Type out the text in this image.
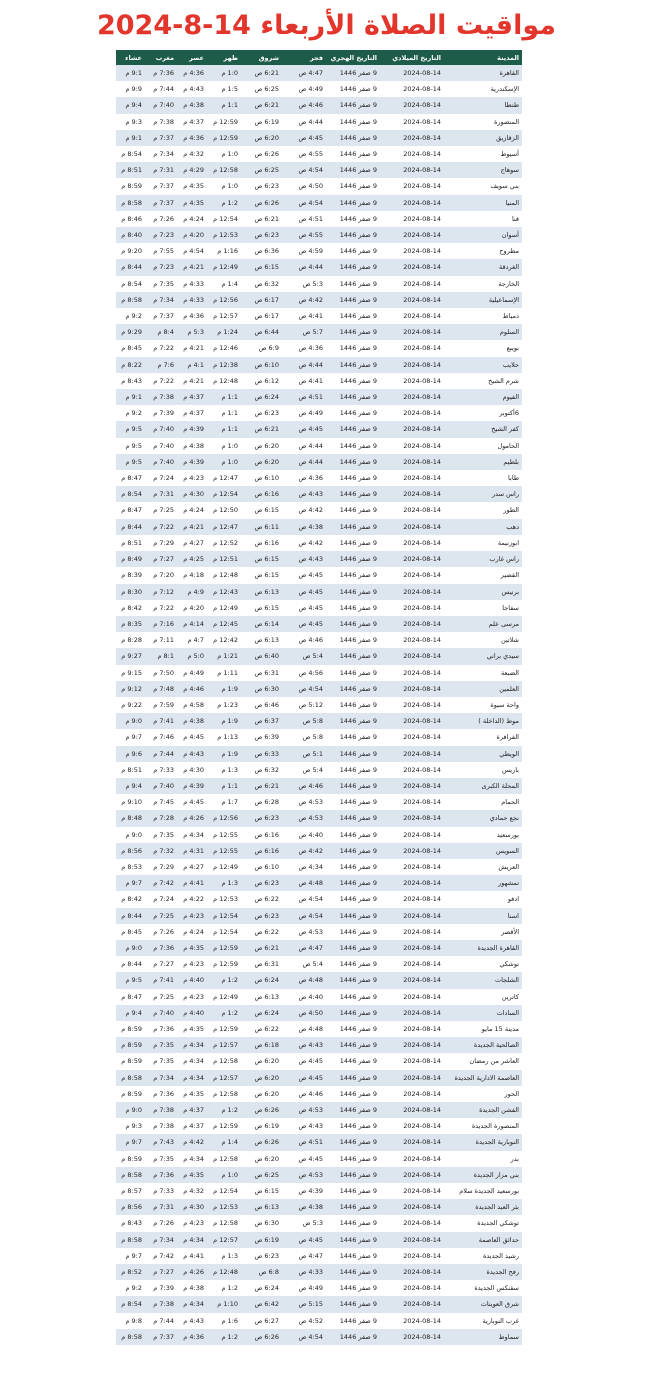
مواقيت الصلاة الأربعاء 14-8-2024
المدينة	التاريخ الميلادي	التاريخ الهجري	فجر	شروق	ظهر	عصر	مغرب	عشاء
القاهرة	2024-08-14	9 صفر 1446	4:47 ص	6:21 ص	1:0 م	4:36 م	7:36 م	9:1 م
الإسكندرية	2024-08-14	9 صفر 1446	4:49 ص	6:25 ص	1:5 م	4:43 م	7:44 م	9:9 م
طنطا	2024-08-14	9 صفر 1446	4:46 ص	6:21 ص	1:1 م	4:38 م	7:40 م	9:4 م
المنصورة	2024-08-14	9 صفر 1446	4:44 ص	6:19 ص	12:59 م	4:37 م	7:38 م	9:3 م
الزقازيق	2024-08-14	9 صفر 1446	4:45 ص	6:20 ص	12:59 م	4:36 م	7:37 م	9:1 م
أسيوط	2024-08-14	9 صفر 1446	4:55 ص	6:26 ص	1:0 م	4:32 م	7:34 م	8:54 م
سوهاج	2024-08-14	9 صفر 1446	4:54 ص	6:25 ص	12:58 م	4:29 م	7:31 م	8:51 م
بني سويف	2024-08-14	9 صفر 1446	4:50 ص	6:23 ص	1:0 م	4:35 م	7:37 م	8:59 م
المنيا	2024-08-14	9 صفر 1446	4:54 ص	6:26 ص	1:2 م	4:35 م	7:37 م	8:58 م
قنا	2024-08-14	9 صفر 1446	4:51 ص	6:21 ص	12:54 م	4:24 م	7:26 م	8:46 م
أسوان	2024-08-14	9 صفر 1446	4:55 ص	6:23 ص	12:53 م	4:20 م	7:23 م	8:40 م
مطروح	2024-08-14	9 صفر 1446	4:59 ص	6:36 ص	1:16 م	4:54 م	7:55 م	9:20 م
الغردقة	2024-08-14	9 صفر 1446	4:44 ص	6:15 ص	12:49 م	4:21 م	7:23 م	8:44 م
الخارجة	2024-08-14	9 صفر 1446	5:3 ص	6:32 ص	1:4 م	4:33 م	7:35 م	8:54 م
الإسماعيلية	2024-08-14	9 صفر 1446	4:42 ص	6:17 ص	12:56 م	4:33 م	7:34 م	8:58 م
دمياط	2024-08-14	9 صفر 1446	4:41 ص	6:17 ص	12:57 م	4:36 م	7:37 م	9:2 م
السلوم	2024-08-14	9 صفر 1446	5:7 ص	6:44 ص	1:24 م	5:3 م	8:4 م	9:29 م
نويبع	2024-08-14	9 صفر 1446	4:36 ص	6:9 ص	12:46 م	4:21 م	7:22 م	8:45 م
حلايب	2024-08-14	9 صفر 1446	4:44 ص	6:10 ص	12:38 م	4:1 م	7:6 م	8:22 م
شرم الشيخ	2024-08-14	9 صفر 1446	4:41 ص	6:12 ص	12:48 م	4:21 م	7:22 م	8:43 م
الفيوم	2024-08-14	9 صفر 1446	4:51 ص	6:24 ص	1:1 م	4:37 م	7:38 م	9:1 م
6أكتوبر	2024-08-14	9 صفر 1446	4:49 ص	6:23 ص	1:1 م	4:37 م	7:39 م	9:2 م
كفر الشيخ	2024-08-14	9 صفر 1446	4:45 ص	6:21 ص	1:1 م	4:39 م	7:40 م	9:5 م
الحامول	2024-08-14	9 صفر 1446	4:44 ص	6:20 ص	1:0 م	4:38 م	7:40 م	9:5 م
بلطيم	2024-08-14	9 صفر 1446	4:44 ص	6:20 ص	1:0 م	4:39 م	7:40 م	9:5 م
طابا	2024-08-14	9 صفر 1446	4:36 ص	6:10 ص	12:47 م	4:23 م	7:24 م	8:47 م
راس سدر	2024-08-14	9 صفر 1446	4:43 ص	6:16 ص	12:54 م	4:30 م	7:31 م	8:54 م
الطور	2024-08-14	9 صفر 1446	4:42 ص	6:15 ص	12:50 م	4:24 م	7:25 م	8:47 م
دهب	2024-08-14	9 صفر 1446	4:38 ص	6:11 ص	12:47 م	4:21 م	7:22 م	8:44 م
ابوزنيمة	2024-08-14	9 صفر 1446	4:42 ص	6:16 ص	12:52 م	4:27 م	7:29 م	8:51 م
راس غارب	2024-08-14	9 صفر 1446	4:43 ص	6:15 ص	12:51 م	4:25 م	7:27 م	8:49 م
القصير	2024-08-14	9 صفر 1446	4:45 ص	6:15 ص	12:48 م	4:18 م	7:20 م	8:39 م
برنيس	2024-08-14	9 صفر 1446	4:45 ص	6:13 ص	12:43 م	4:9 م	7:12 م	8:30 م
سفاجا	2024-08-14	9 صفر 1446	4:45 ص	6:15 ص	12:49 م	4:20 م	7:22 م	8:42 م
مرسى علم	2024-08-14	9 صفر 1446	4:45 ص	6:14 ص	12:45 م	4:14 م	7:16 م	8:35 م
شلاتين	2024-08-14	9 صفر 1446	4:46 ص	6:13 ص	12:42 م	4:7 م	7:11 م	8:28 م
سيدي براني	2024-08-14	9 صفر 1446	5:4 ص	6:40 ص	1:21 م	5:0 م	8:1 م	9:27 م
الضبعة	2024-08-14	9 صفر 1446	4:56 ص	6:31 ص	1:11 م	4:49 م	7:50 م	9:15 م
العلمين	2024-08-14	9 صفر 1446	4:54 ص	6:30 ص	1:9 م	4:46 م	7:48 م	9:12 م
واحة سيوة	2024-08-14	9 صفر 1446	5:12 ص	6:46 ص	1:23 م	4:58 م	7:59 م	9:22 م
موط (الداخلة )	2024-08-14	9 صفر 1446	5:8 ص	6:37 ص	1:9 م	4:38 م	7:41 م	9:0 م
الفرافرة	2024-08-14	9 صفر 1446	5:8 ص	6:39 ص	1:13 م	4:45 م	7:46 م	9:7 م
الويطي	2024-08-14	9 صفر 1446	5:1 ص	6:33 ص	1:9 م	4:43 م	7:44 م	9:6 م
باريس	2024-08-14	9 صفر 1446	5:4 ص	6:32 ص	1:3 م	4:30 م	7:33 م	8:51 م
المحلة الكبرى	2024-08-14	9 صفر 1446	4:46 ص	6:21 ص	1:1 م	4:39 م	7:40 م	9:4 م
الحمام	2024-08-14	9 صفر 1446	4:53 ص	6:28 ص	1:7 م	4:45 م	7:45 م	9:10 م
نجع حمادي	2024-08-14	9 صفر 1446	4:53 ص	6:23 ص	12:56 م	4:26 م	7:28 م	8:48 م
بورسعيد	2024-08-14	9 صفر 1446	4:40 ص	6:16 ص	12:55 م	4:34 م	7:35 م	9:0 م
السويس	2024-08-14	9 صفر 1446	4:42 ص	6:16 ص	12:55 م	4:31 م	7:32 م	8:56 م
العريش	2024-08-14	9 صفر 1446	4:34 ص	6:10 ص	12:49 م	4:27 م	7:29 م	8:53 م
تمشهور	2024-08-14	9 صفر 1446	4:48 ص	6:23 ص	1:3 م	4:41 م	7:42 م	9:7 م
ادفو	2024-08-14	9 صفر 1446	4:54 ص	6:22 ص	12:53 م	4:22 م	7:24 م	8:42 م
اسنا	2024-08-14	9 صفر 1446	4:54 ص	6:23 ص	12:54 م	4:23 م	7:25 م	8:44 م
الأقصر	2024-08-14	9 صفر 1446	4:53 ص	6:22 ص	12:54 م	4:24 م	7:26 م	8:45 م
القاهرة الجديدة	2024-08-14	9 صفر 1446	4:47 ص	6:21 ص	12:59 م	4:35 م	7:36 م	9:0 م
توشكي	2024-08-14	9 صفر 1446	5:4 ص	6:31 ص	12:59 م	4:23 م	7:27 م	8:44 م
الشلجات	2024-08-14	9 صفر 1446	4:48 ص	6:24 ص	1:2 م	4:40 م	7:41 م	9:5 م
كاترين	2024-08-14	9 صفر 1446	4:40 ص	6:13 ص	12:49 م	4:23 م	7:25 م	8:47 م
السادات	2024-08-14	9 صفر 1446	4:50 ص	6:24 ص	1:2 م	4:40 م	7:40 م	9:4 م
مدينة 15 مايو	2024-08-14	9 صفر 1446	4:48 ص	6:22 ص	12:59 م	4:35 م	7:36 م	8:59 م
الصالحية الجديدة	2024-08-14	9 صفر 1446	4:43 ص	6:18 ص	12:57 م	4:34 م	7:35 م	8:59 م
العاشر من رمضان	2024-08-14	9 صفر 1446	4:45 ص	6:20 ص	12:58 م	4:34 م	7:35 م	8:59 م
العاصمة الادارية الجديدة	2024-08-14	9 صفر 1446	4:45 ص	6:20 ص	12:57 م	4:34 م	7:34 م	8:58 م
الحور	2024-08-14	9 صفر 1446	4:46 ص	6:20 ص	12:58 م	4:35 م	7:36 م	8:59 م
الفشن الجديدة	2024-08-14	9 صفر 1446	4:53 ص	6:26 ص	1:2 م	4:37 م	7:38 م	9:0 م
المنصورة الجديدة	2024-08-14	9 صفر 1446	4:43 ص	6:19 ص	12:59 م	4:37 م	7:38 م	9:3 م
النوبارية الجديدة	2024-08-14	9 صفر 1446	4:51 ص	6:26 ص	1:4 م	4:42 م	7:43 م	9:7 م
بدر	2024-08-14	9 صفر 1446	4:45 ص	6:20 ص	12:58 م	4:34 م	7:35 م	8:59 م
بني مزار الجديدة	2024-08-14	9 صفر 1446	4:53 ص	6:25 ص	1:0 م	4:35 م	7:36 م	8:58 م
بورسعيد الجديدة سلام	2024-08-14	9 صفر 1446	4:39 ص	6:15 ص	12:54 م	4:32 م	7:33 م	8:57 م
بئر العبد الجديدة	2024-08-14	9 صفر 1446	4:38 ص	6:13 ص	12:53 م	4:30 م	7:31 م	8:56 م
توشكي الجديدة	2024-08-14	9 صفر 1446	5:3 ص	6:30 ص	12:58 م	4:23 م	7:26 م	8:43 م
حدائق العاصمة	2024-08-14	9 صفر 1446	4:45 ص	6:19 ص	12:57 م	4:34 م	7:34 م	8:58 م
رشيد الجديدة	2024-08-14	9 صفر 1446	4:47 ص	6:23 ص	1:3 م	4:41 م	7:42 م	9:7 م
رفح الجديدة	2024-08-14	9 صفر 1446	4:33 ص	6:8 ص	12:48 م	4:26 م	7:27 م	8:52 م
سفنكس الجديدة	2024-08-14	9 صفر 1446	4:49 ص	6:24 ص	1:2 م	4:38 م	7:39 م	9:2 م
شرق العوينات	2024-08-14	9 صفر 1446	5:15 ص	6:42 ص	1:10 م	4:34 م	7:38 م	8:54 م
غرب النوبارية	2024-08-14	9 صفر 1446	4:52 ص	6:27 ص	1:6 م	4:43 م	7:44 م	9:8 م
سماوط	2024-08-14	9 صفر 1446	4:54 ص	6:26 ص	1:2 م	4:36 م	7:37 م	8:58 م
